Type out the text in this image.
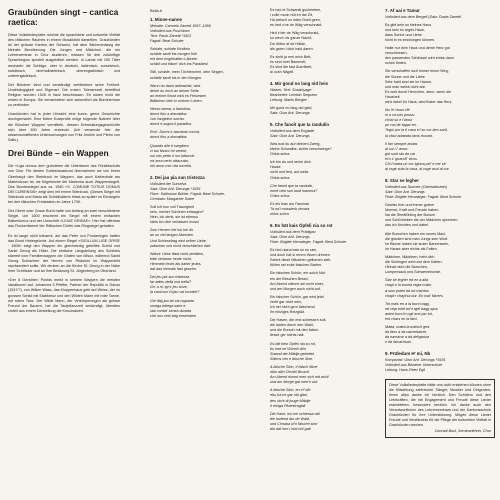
Graubünden singt – cantica raetica:

Diese Volksliederplatte möchte die sprachliche und kulturelle Vielfalt des rätischen Raumes in einem Mosaikbild darstellen. Graubünden ist der grösste Kanton der Schweiz, hat aber flächenmässig die kleinste Bevölkerung. Die Jungen und Mädchen, die ein Lehrerseminar in Chur studieren, müssen für drei zukünftige Sprachregion speziell ausgebildet werden. In Lande mit 150 Täler wechseln die Schläge, ober in deutsch, italienisch, surselvisch, sutsilvisch, oberhalbsteinisch, oberengadinisch und unterengadinisch.

Der Bündner fand und verständigt verbliebene seine Freiheit. Unabhängigkeit und Eigenart. Die ersten Tolerarezeit bereitfind Religion wurden 1526 in Ilanz beschlossen. Es waren nicht die ersten in Europa. Sie verwendeten sich wesentlich als Bündnerman zu verbinden.

Graubünden hat in jeder Hinsicht eine kurze, gerne Geschichte durchgemacht. Eine kleine Kostprobe möge folgende Notizen über die Bündner Wappen vermitteln, dessen Entwicklungsgeschichte sich über 600 Jahre erstreckt. (Ich verwende hier die wissenschaftlichen Untersuchungen von Fritz Jecklin und Pietro von Salis.)

Drei Bünde – ein Wappen

Die «Liga domus dei» gründeten die Untertanen des Fürstbischofs von Chur. Für diesen Gotteshausbund übernahmen sie von ihrem Oberhaupt den Steinbock im Wappen, das auch Kathedrale am Marienduom ist, wir flügelreiche die Madonna auch Wappensiegelt. Das Bundessiegel aus ca. 1540 «S. COMUNE TOTIUS DOMUS DEI CURIENSIS» zeigt dies mit einem Steinbock. (Dieses Siegel mit Steinbock und Maria als Schildhalterin tritals so später im Einsiegeln bei den rätischen Freistaaten im Jahre 1799.

Der Obere oder Graue Bund hatte von Anfang an zwei verschiedene Siegel. Um 1600 erscheint ein Siegel mit einem einfachen Balkenkreuz und der Umschrift «LIGAE GRISAE». Hier hat offenbar das Flockenfarene der Rätischen Dörfer das Ringsiegel gehalten.

Es ist lange nicht bekannt, auf das Peter von Pontaningen hatten das Bund Hintergründe. Auf einem Siegel «SIGILLUM LIGE GRISE · 1508» zeigt den Wappen ein gleichwertig geteiltes Schild und Sankt Georg als Hüter. Die einfache Längsteilung des Schildes stammt vom Familienwappen der Grafen von Misox, während Sankt Georg Schutzherr der Herren von Rhäzüns im Wappenbild repräsentiert sollte. Wir denken an die Kirche St. Georg in der Nähe ihrer Schlösser und an ihre Besitzung St. Jörgenberg im Oberland.

«Der 8 Gerichten Punkts meist in seinem Wappen die meisten Variationen auf. Johannes 5 Pfeiffer, Partner der Republik in Davos (1547/?), von Wälen Wass, das Kloppenhaus gelb auf Weiss, der im grossen Schild mit Stabkreuz und den Wilden Mann mit roter Tanne, mit rotem Tanz. Der Wilde Mann, der Verkörperungen als grösse Freund der Bauern, hat die Taufpflanzzeit verkündigt, überdies vorteil aus einem Darstellung die Kreuzsäulen.

Beila A
1. Minne-nanne
Melodie: Carmelo Zanetti 1897–1959
Volkslied aus Puschlavo
Text: Paolo Zanetti *1922
Fagott: Beat Schuler
Schlafe, schlafe Kindlein
schlafe sanft bis morgen früh
mit dem engelhaften Lächeln
schlaf und träum' dich ins Paradies!
Still, schlafe, mein Töchterchen, dein Singen,
schlafe sanft bis in den Morgen.
Wenn du dann aufwachst, wird
deine du mich an deiner Seite
an meiner Brust wird es Freuesten
Blättchen dein in meinen Leben
Ninna nanna, o fantolina,
dormi fino a domattina
con l'angelico sorriso
dormi e sogna il paradiso.
Ruh'. Dormi e bambola coccia,
dormi fino a domattina.
Quando alle ti svegliera
vi tuo fianco mi vedrai;
sul mio petto il ruo lattuccio
rot avra certo attaccata,
nel amor mio vita novella.
2. Dei jau pia sun tristezza
Volkslied der Surselva
Satz: Gion Ant. Derungs *1935
Flore: Salthouse Bühler, Fagott: Beat Schuler,
Cembalo: Margarete Sutter
Soll ich nun voll Traurigkeit
sein, meiner Schönen entsagen?
Nein, ich denk, sie ist ebenso
stets ich dich verlassen muss!
Zum Herzen rief ich bei dir
an so viel langen Abenden.
Und Schiessfrag wird selber Liebe
zwischen uns nicht verschließen darf.
Wahre Liebe lässt nicht zerfallen,
bitte verlasse heute nicht,
Himmelin fecht als daher jedes,
dat das niemals fast gesehn.
Dei jeu pia sun tristezza
far adieu della mia bella?
Gn' a ni, tgi e jeu scize,
la cauchun ch'jau vai tscoder?
Gie ditg jau tei vai rogaviau
sontga tuttega saire e,
stai cordat' senza durada
che nus vein fatg ensemben.
Es hed ei Schwesti gschrieben,
i zolle moch nüt en dsr Zit,
Ha welsch zu mäm Gsell geen,
es hed z'ne de Wäg verschnaid.
Hed z'der de Wäg verschnaid,
so wind i ds ganze Nacht,
Da döttur af de Hälde,
als gsien i dich bald daren.
Es sieht ja mei mich Bett,
es sind ovet Bammeit,
Es sind die fast Äuerlikeit,
al ocsh Nägeli.
4. Mir gond no lang nid heis
Walser, Text: Soslahyage
Bearbeitet: Leintsin Sequenz
Leitung: Marlis Bergier
Mir gond no lang nid geid,
Satz: Gion Ant. Derungs
5. Che fanoit que ta randulin
Volkslied aus dem Engadin
Satz: Gion Ant. Derungs
Was tust du auf deinem Zweig,
kleine Schwalbe, sichts verschwinge?
Ohkis schra
Ich bin du und seine dich
Hause
nicht und fest, auf weils
Ohkis schra
Che fanoit que ta randulin,
ermit vein sun laud mamma?
Chies schra
Es eis ieas am Faminan
Ta na'i mussiesh rinosta
ohkis schra
6. Es hät kais Öpfeli nia so rot
Volkslied aus dem Prättigau
Satz: Gion Ant. Derungs
Flute: Brigitte Hemaleger, Fagott: Beat Schuler
Es hed niana kais so es rain,
und doch hat si rerem Wurm drinnen
Selent diese Mädchen gelbenen weil,
fühlen sei ecke falschen Barten.
Ein falsches Schön, ein solch Mut
ein der Birschen Bread,
Am Abend nähme sie nicht einer,
und am Morgen auch nicht auf.
Ein falscher Schön, gar wird jetzt
verbt gar nicht sein,
Ich sei nicht gern falschend
ihr einziges Reizgläd.
Die Hasen, die erst schiessen soll,
die laufen durch den Wald,
und die Bursch mit den falsch
liesse ger nichts halt.
Es bitt kein Öpfeli nia so rot,
es hed ne Würmli drin
Sotand die Mäidje gebeitet,
Sötecs vim e falsche Sinn.
A falsche Sinn, e falsch Muet
nütz allei Christli Brusch
Am Abend nimmt men sich nid wohl
und am Morge gat men'n uuf.
A falsche Sinn, en e'f afe
ebu ha ne gar nid gärn,
des sicht di jouge Mäidje
ir einiga Pfotestraglall
Die Hase, wo me schiessa will
die laufend dur de Wald,
und Chnaba uf'n falsche sinn
dia dat mm'r nüd nüt galt.
7. Af uai e Tamur
Volkslied aus dem Bergell (Satz: Duste Zanetti
Es gibt kein so kleines Haus
und kein so arges Haus,
dass Sonne und Liebe
nicht in es eindrungen können.
Halte nur dein Haus und deine Herz gut
verschlossen,
den passenden Schlüssel wird eines dann
schön finden.
Sie verschaffen sich immer einen Weg,
die Sonne und die Liebe
Sehr bald sind sie im Hause,
und man weiss nicht wie.
Es wird durch Herzchen, denn, wenn die
Hausheit
wird dahei ihr Haus, wird füster das Herz.
No i'e vissa cfè
ni a ca sún possa:
chi'al sú e l'amur
po cos'de tagav en.
Tegni pur la ti casa e'l so cor ben sar6,
la cfavi adatada ravis truvarb.
Il fan sempre andas
al sui i l' amur:
già sunt sta da cár
ni'u s' guarcill' vicss.
Chi l'cadra un cur tgiuna pel' e ner sé'
al vsgé sula la cása, al vsgé asul al cur.
8. Star se legher
Volkslied aus Surmeir (Oberhalbstein)
Satz: Gion Ant. Derungs
Flute: Brigitte Hemaleger, Fagott: Beat Schuler
Gewiss froh und immer gutem
Murmel, Kraft und Freude haben.
Na die Streitfühling der Bursch
und Schönheiten die der Mädchen sprechen,
das ich fürchtes und dabei.
Alle Burschen haben ein neues Maul,
die glücken sind man Jungs sein Wort.
Im Blume haben sie lauter Barzenwein,
im Hause aber nichts als Falten.
Mädchen, Mädchen, hebt dich
die Schlingen weil und dem Katten.
Heinat nicht die Burschen,
Lumpensack und Schweinehunde.
Star se legher ed en a alla
chapi ir la buona regia rodia;
a sinn puterl da tot mardus
chapt'r chayt'sa bur. En mal' falcers.
Tot mals en a la bucci tagg,
ed vept tolet tut'n tgel bagg spra,
antze bucc'in ngil arst par tot,
ent chars en la fard.
Matta, matta la tuttisch gea
da fans a da namelsanze.
da namarar a da deliganza
e da falcachsan.
9. Prüledum H' mi, Nb
Komponist: Gion Ant. Derungs *1935
Volkslied aus Bündner Unterschule
Leitung: Hans-Peter Egli

Diese Volksliederplatte hätte uns nicht entstehen können ohne die Mitwirkung zahlreicher Sänger, Musiker und Dirigenten. Ihnen allen danke ich herzlich. Den Schülern und den Lehrkräften, die mit Engagement und Freude diese Lieder erarbeiteten, besonders herzlich. Ich danke auch den Verantwortlichen des Lehrerseminars und der Kantonsschule Graubünden für ihre Unterstützung. Mögen diese Lieder Freude und Verständnis für die Pflege der kulturellen Vielfalt in Graubünden wecken.

Conradi Buol, Seminarlehrer, Chur
